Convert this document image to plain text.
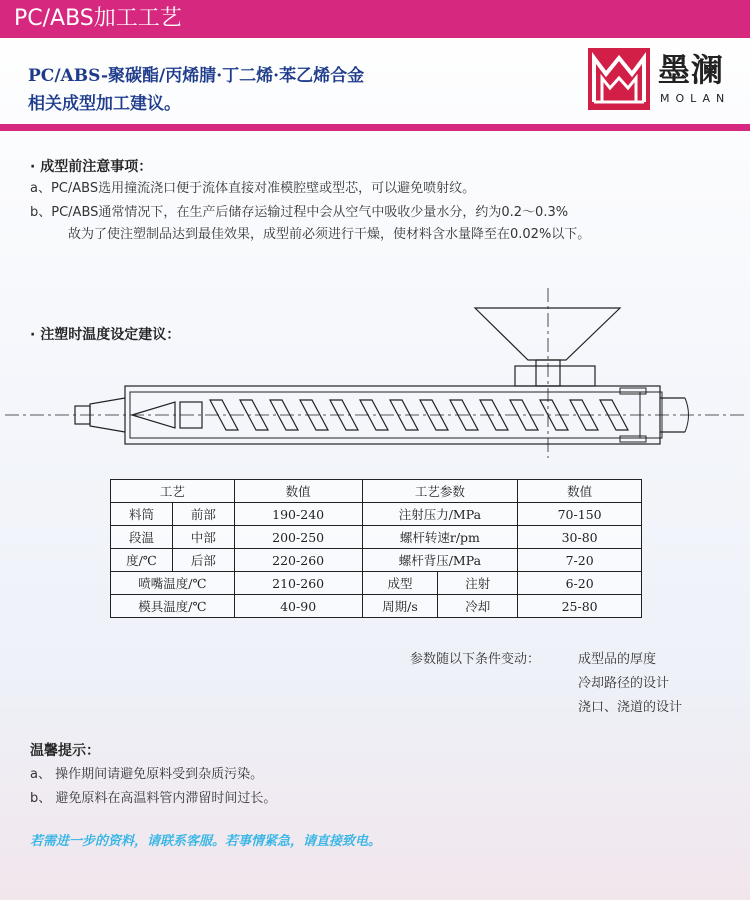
PC/ABS加工工艺
PC/ABS-聚碳酯/丙烯腈·丁二烯·苯乙烯合金
相关成型加工建议。
墨澜
MOLAN
· 成型前注意事项：
a、PC/ABS选用撞流浇口便于流体直接对准模腔壁或型芯，可以避免喷射纹。
b、PC/ABS通常情况下，在生产后储存运输过程中会从空气中吸收少量水分，约为0.2～0.3%
故为了使注塑制品达到最佳效果，成型前必须进行干燥，使材料含水量降至在0.02%以下。
· 注塑时温度设定建议：
工艺		数值	工艺参数		数值
料筒	前部	190-240	注射压力/MPa		70-150
段温	中部	200-250	螺杆转速r/pm		30-80
度/℃	后部	220-260	螺杆背压/MPa		7-20
喷嘴温度/℃		210-260	成型	注射	6-20
模具温度/℃		40-90	周期/s	冷却	25-80
参数随以下条件变动：	成型品的厚度
冷却路径的设计
浇口、浇道的设计
温馨提示：
a、 操作期间请避免原料受到杂质污染。
b、 避免原料在高温料管内滞留时间过长。
若需进一步的资料，请联系客服。若事情紧急，请直接致电。
